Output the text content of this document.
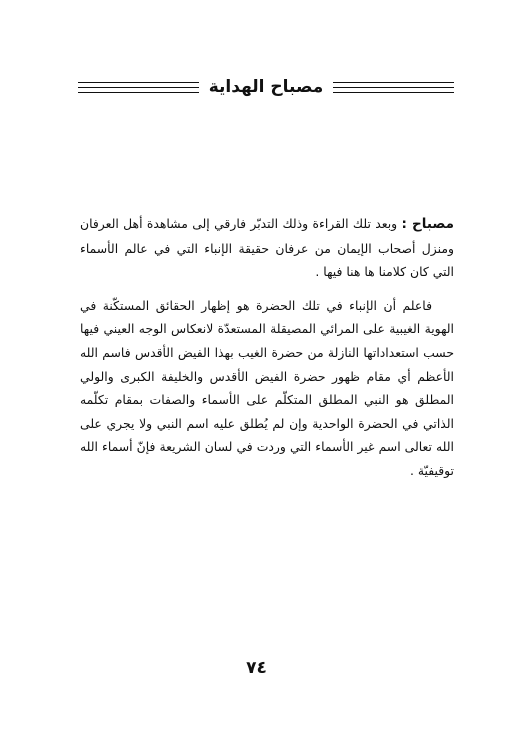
مصباح الهداية

مصباح : وبعد تلك القراءة وذلك التدبّر فارقي إلى مشاهدة أهل العرفان ومنزل أصحاب الإيمان من عرفان حقيقة الإنباء التي في عالم الأسماء التي كان كلامنا ها هنا فيها .

فاعلم أن الإنباء في تلك الحضرة هو إظهار الحقائق المستكّنة في الهوية الغيبية على المرائي المصيقلة المستعدّة لانعكاس الوجه العيني فيها حسب استعداداتها النازلة من حضرة الغيب بهذا الفيض الأقدس فاسم الله الأعظم أي مقام ظهور حضرة الفيض الأقدس والخليفة الكبرى والولي المطلق هو النبي المطلق المتكلّم على الأسماء والصفات بمقام تكلّمه الذاتي في الحضرة الواحدية وإن لم يُطلق عليه اسم النبي ولا يجري على الله تعالى اسم غير الأسماء التي وردت في لسان الشريعة فإنّ أسماء الله توقيفيّة .

٧٤
